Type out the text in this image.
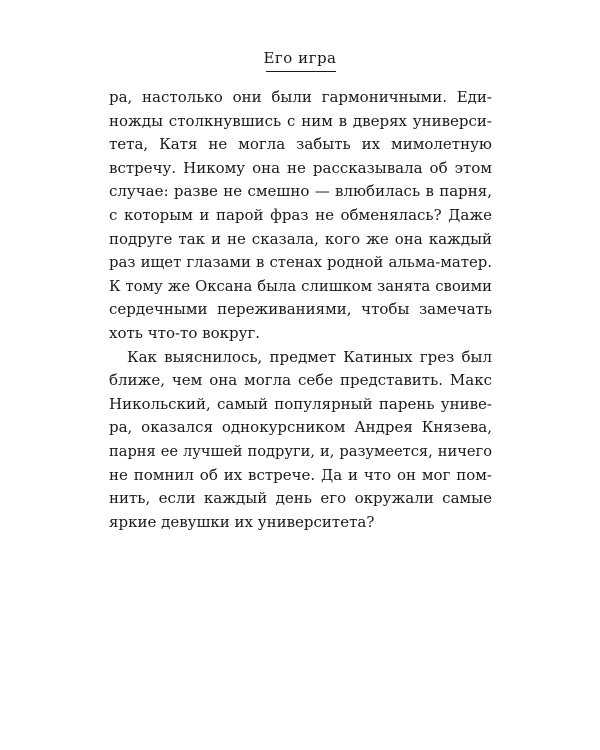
Его игра
ра, настолько они были гармоничными. Еди-
ножды столкнувшись с ним в дверях универси-
тета, Катя не могла забыть их мимолетную
встречу. Никому она не рассказывала об этом
случае: разве не смешно — влюбилась в парня,
с которым и парой фраз не обменялась? Даже
подруге так и не сказала, кого же она каждый
раз ищет глазами в стенах родной альма-матер.
К тому же Оксана была слишком занята своими
сердечными переживаниями, чтобы замечать
хоть что-то вокруг.
Как выяснилось, предмет Катиных грез был
ближе, чем она могла себе представить. Макс
Никольский, самый популярный парень униве-
ра, оказался однокурсником Андрея Князева,
парня ее лучшей подруги, и, разумеется, ничего
не помнил об их встрече. Да и что он мог пом-
нить, если каждый день его окружали самые
яркие девушки их университета?
